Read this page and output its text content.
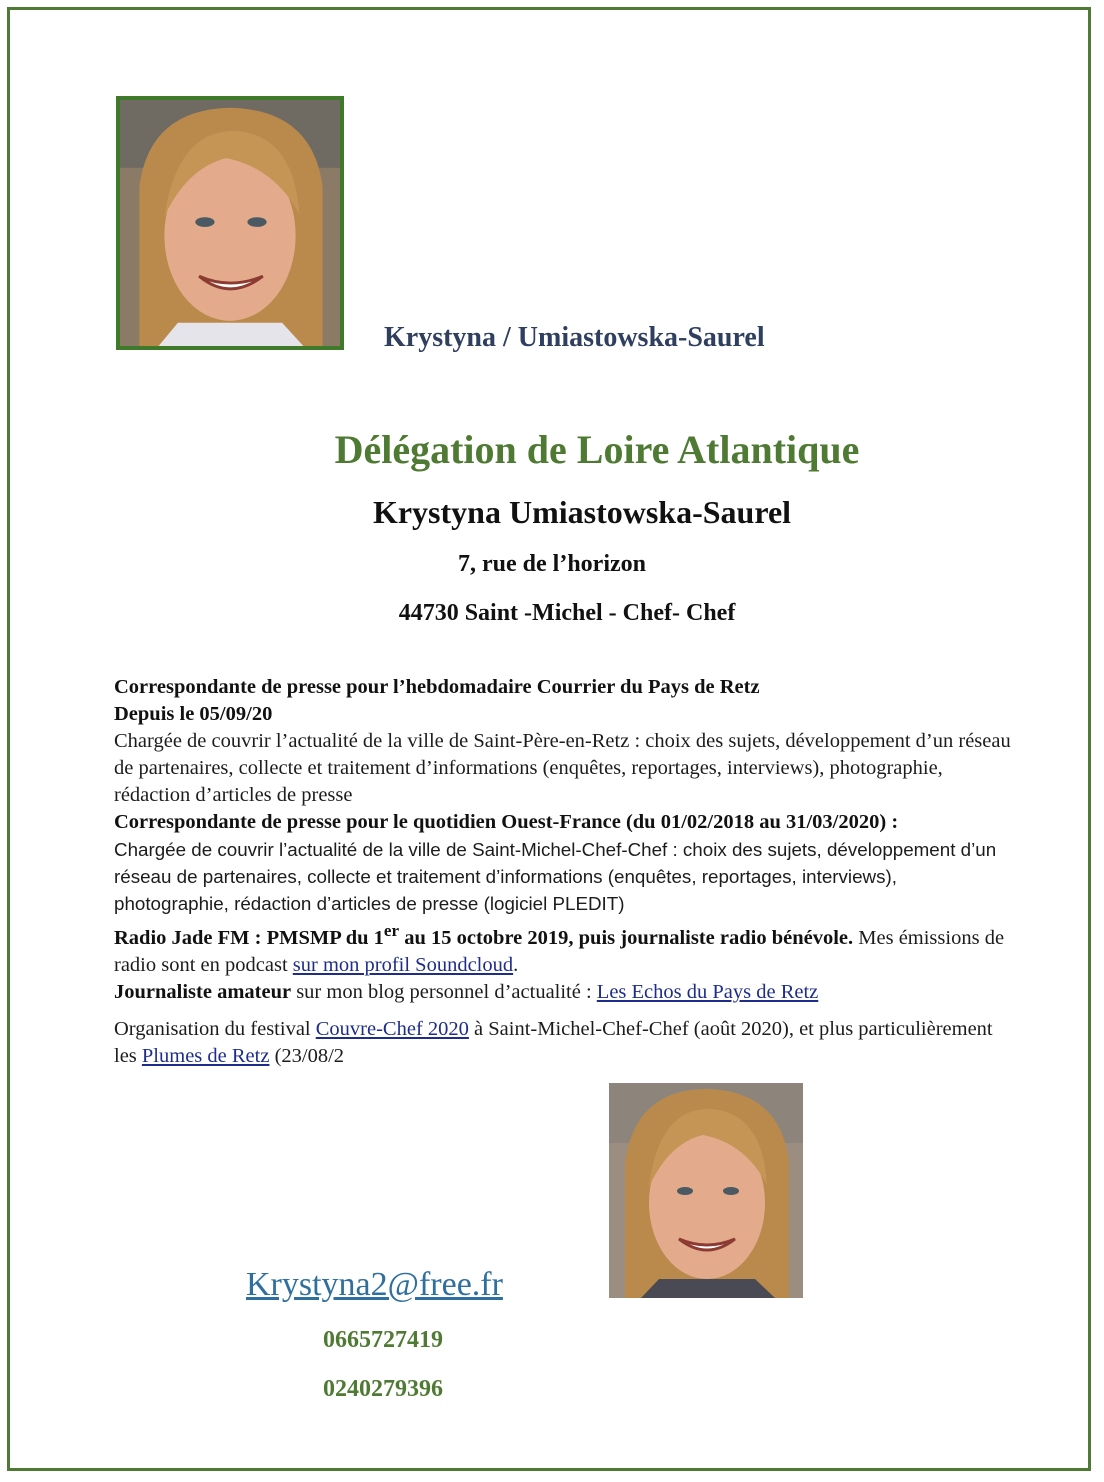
Krystyna / Umiastowska-Saurel
Délégation de Loire Atlantique
Krystyna Umiastowska-Saurel
7, rue de l’horizon
44730 Saint -Michel - Chef- Chef

Correspondante de presse pour l’hebdomadaire Courrier du Pays de Retz

Depuis le 05/09/20

Chargée de couvrir l’actualité de la ville de Saint-Père-en-Retz : choix des sujets, développement d’un réseau de partenaires, collecte et traitement d’informations (enquêtes, reportages, interviews), photographie, rédaction d’articles de presse

Correspondante de presse pour le quotidien Ouest-France (du 01/02/2018 au 31/03/2020) :

Chargée de couvrir l’actualité de la ville de Saint-Michel-Chef-Chef : choix des sujets, développement d’un réseau de partenaires, collecte et traitement d’informations (enquêtes, reportages, interviews), photographie, rédaction d’articles de presse (logiciel PLEDIT)

Radio Jade FM : PMSMP du 1er au 15 octobre 2019, puis journaliste radio bénévole. Mes émissions de radio sont en podcast sur mon profil Soundcloud.

Journaliste amateur sur mon blog personnel d’actualité : Les Echos du Pays de Retz

Organisation du festival Couvre-Chef 2020 à Saint-Michel-Chef-Chef (août 2020), et plus particulièrement les Plumes de Retz (23/08/2

Krystyna2@free.fr
0665727419
0240279396
